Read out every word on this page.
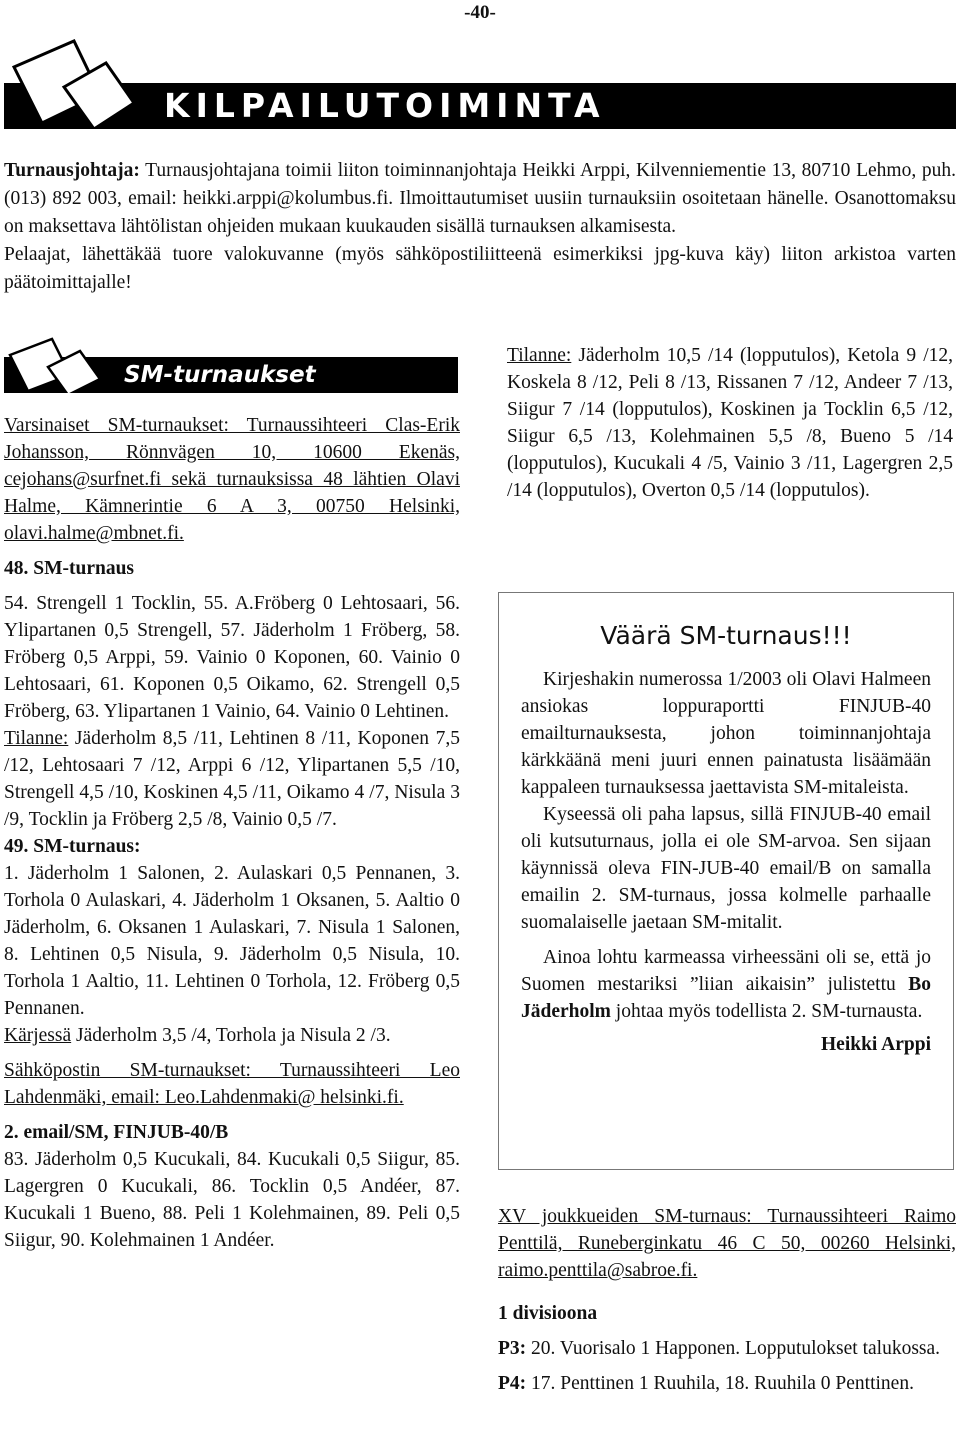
-40-
KILPAILUTOIMINTA

Turnausjohtaja: Turnausjohtajana toimii liiton toiminnanjohtaja Heikki Arppi, Kilvenniementie 13, 80710 Lehmo, puh. (013) 892 003, email: heikki.arppi@kolumbus.fi. Ilmoittautumiset uusiin turnauksiin osoitetaan hänelle. Osanottomaksu on maksettava lähtölistan ohjeiden mukaan kuukauden sisällä turnauksen alkamisesta.

Pelaajat, lähettäkää tuore valokuvanne (myös sähköpostiliitteenä esimerkiksi jpg-kuva käy) liiton arkistoa varten päätoimittajalle!

SM-turnaukset

Varsinaiset SM-turnaukset: Turnaussihteeri Clas-Erik Johansson, Rönnvägen 10, 10600 Ekenäs, cejohans@surfnet.fi sekä turnauksissa 48 lähtien Olavi Halme, Kämnerintie 6 A 3, 00750 Helsinki, olavi.halme@mbnet.fi.

48. SM-turnaus

54. Strengell 1 Tocklin, 55. A.Fröberg 0 Lehtosaari, 56. Ylipartanen 0,5 Strengell, 57. Jäderholm 1 Fröberg, 58. Fröberg 0,5 Arppi, 59. Vainio 0 Koponen, 60. Vainio 0 Lehtosaari, 61. Koponen 0,5 Oikamo, 62. Strengell 0,5 Fröberg, 63. Ylipartanen 1 Vainio, 64. Vainio 0 Lehtinen.

Tilanne: Jäderholm 8,5 /11, Lehtinen 8 /11, Koponen 7,5 /12, Lehtosaari 7 /12, Arppi 6 /12, Ylipartanen 5,5 /10, Strengell 4,5 /10, Koskinen 4,5 /11, Oikamo 4 /7, Nisula 3 /9, Tocklin ja Fröberg 2,5 /8, Vainio 0,5 /7.

49. SM-turnaus:

1. Jäderholm 1 Salonen, 2. Aulaskari 0,5 Pennanen, 3. Torhola 0 Aulaskari, 4. Jäderholm 1 Oksanen, 5. Aaltio 0 Jäderholm, 6. Oksanen 1 Aulaskari, 7. Nisula 1 Salonen, 8. Lehtinen 0,5 Nisula, 9. Jäderholm 0,5 Nisula, 10. Torhola 1 Aaltio, 11. Lehtinen 0 Torhola, 12. Fröberg 0,5 Pennanen.

Kärjessä Jäderholm 3,5 /4, Torhola ja Nisula 2 /3.

Sähköpostin SM-turnaukset: Turnaussihteeri Leo Lahdenmäki, email: Leo.Lahdenmaki@ helsinki.fi.

2. email/SM, FINJUB-40/B

83. Jäderholm 0,5 Kucukali, 84. Kucukali 0,5 Siigur, 85. Lagergren 0 Kucukali, 86. Tocklin 0,5 Andéer, 87. Kucukali 1 Bueno, 88. Peli 1 Kolehmainen, 89. Peli 0,5 Siigur, 90. Kolehmainen 1 Andéer.

Tilanne: Jäderholm 10,5 /14 (lopputulos), Ketola 9 /12, Koskela 8 /12, Peli 8 /13, Rissanen 7 /12, Andeer 7 /13, Siigur 7 /14 (lopputulos), Koskinen ja Tocklin 6,5 /12, Siigur 6,5 /13, Kolehmainen 5,5 /8, Bueno 5 /14 (lopputulos), Kucukali 4 /5, Vainio 3 /11, Lagergren 2,5 /14 (lopputulos), Overton 0,5 /14 (lopputulos).

Väärä SM-turnaus!!!

Kirjeshakin numerossa 1/2003 oli Olavi Halmeen ansiokas loppuraportti FINJUB-40 emailturnauksesta, johon toiminnanjohtaja kärkkäänä meni juuri ennen painatusta lisäämään kappaleen turnauksessa jaettavista SM-mitaleista.

Kyseessä oli paha lapsus, sillä FINJUB-40 email oli kutsuturnaus, jolla ei ole SM-arvoa. Sen sijaan käynnissä oleva FIN-JUB-40 email/B on samalla emailin 2. SM-turnaus, jossa kolmelle parhaalle suomalaiselle jaetaan SM-mitalit.

Ainoa lohtu karmeassa virheessäni oli se, että jo Suomen mestariksi ”liian aikaisin” julistettu Bo Jäderholm johtaa myös todellista 2. SM-turnausta.

Heikki Arppi

XV joukkueiden SM-turnaus: Turnaussihteeri Raimo Penttilä, Runeberginkatu 46 C 50, 00260 Helsinki, raimo.penttila@sabroe.fi.

1 divisioona

P3: 20. Vuorisalo 1 Happonen. Lopputulokset talukossa.

P4: 17. Penttinen 1 Ruuhila, 18. Ruuhila 0 Penttinen.
